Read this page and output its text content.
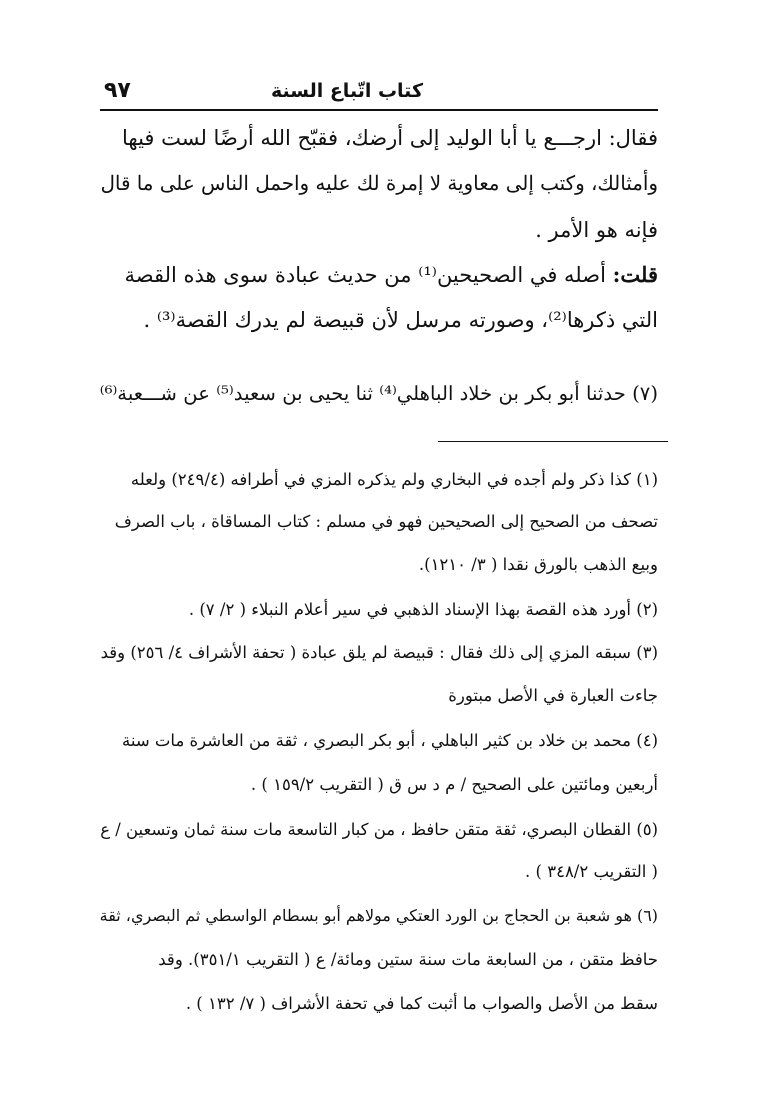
كتاب اتّباع السنة
٩٧
فقال: ارجـــع يا أبا الوليد إلى أرضك، فقبّح الله أرضًا لست فيها
وأمثالك، وكتب إلى معاوية لا إمرة لك عليه واحمل الناس على ما قال
فإنه هو الأمر .
قلت: أصله في الصحيحين⁽¹⁾ من حديث عبادة سوى هذه القصة
التي ذكرها⁽²⁾، وصورته مرسل لأن قبيصة لم يدرك القصة⁽³⁾ .
(٧) حدثنا أبو بكر بن خلاد الباهلي⁽⁴⁾ ثنا يحيى بن سعيد⁽⁵⁾ عن شـــعبة⁽⁶⁾
(١) كذا ذكر ولم أجده في البخاري ولم يذكره المزي في أطرافه (٢٤٩/٤) ولعله
تصحف من الصحيح إلى الصحيحين فهو في مسلم : كتاب المساقاة ، باب الصرف
وبيع الذهب بالورق نقدا ( ٣/ ١٢١٠).
(٢) أورد هذه القصة بهذا الإسناد الذهبي في سير أعلام النبلاء ( ٢/ ٧) .
(٣) سبقه المزي إلى ذلك فقال : قبيصة لم يلق عبادة ( تحفة الأشراف ٤/ ٢٥٦) وقد
جاءت العبارة في الأصل مبتورة
(٤) محمد بن خلاد بن كثير الباهلي ، أبو بكر البصري ، ثقة من العاشرة مات سنة
أربعين ومائتين على الصحيح / م د س ق ( التقريب ١٥٩/٢ ) .
(٥) القطان البصري، ثقة متقن حافظ ، من كبار التاسعة مات سنة ثمان وتسعين / ع
( التقريب ٣٤٨/٢ ) .
(٦) هو شعبة بن الحجاج بن الورد العتكي مولاهم أبو بسطام الواسطي ثم البصري، ثقة
حافظ متقن ، من السابعة مات سنة ستين ومائة/ ع ( التقريب ٣٥١/١). وقد
سقط من الأصل والصواب ما أثبت كما في تحفة الأشراف ( ٧/ ١٣٢ ) .
